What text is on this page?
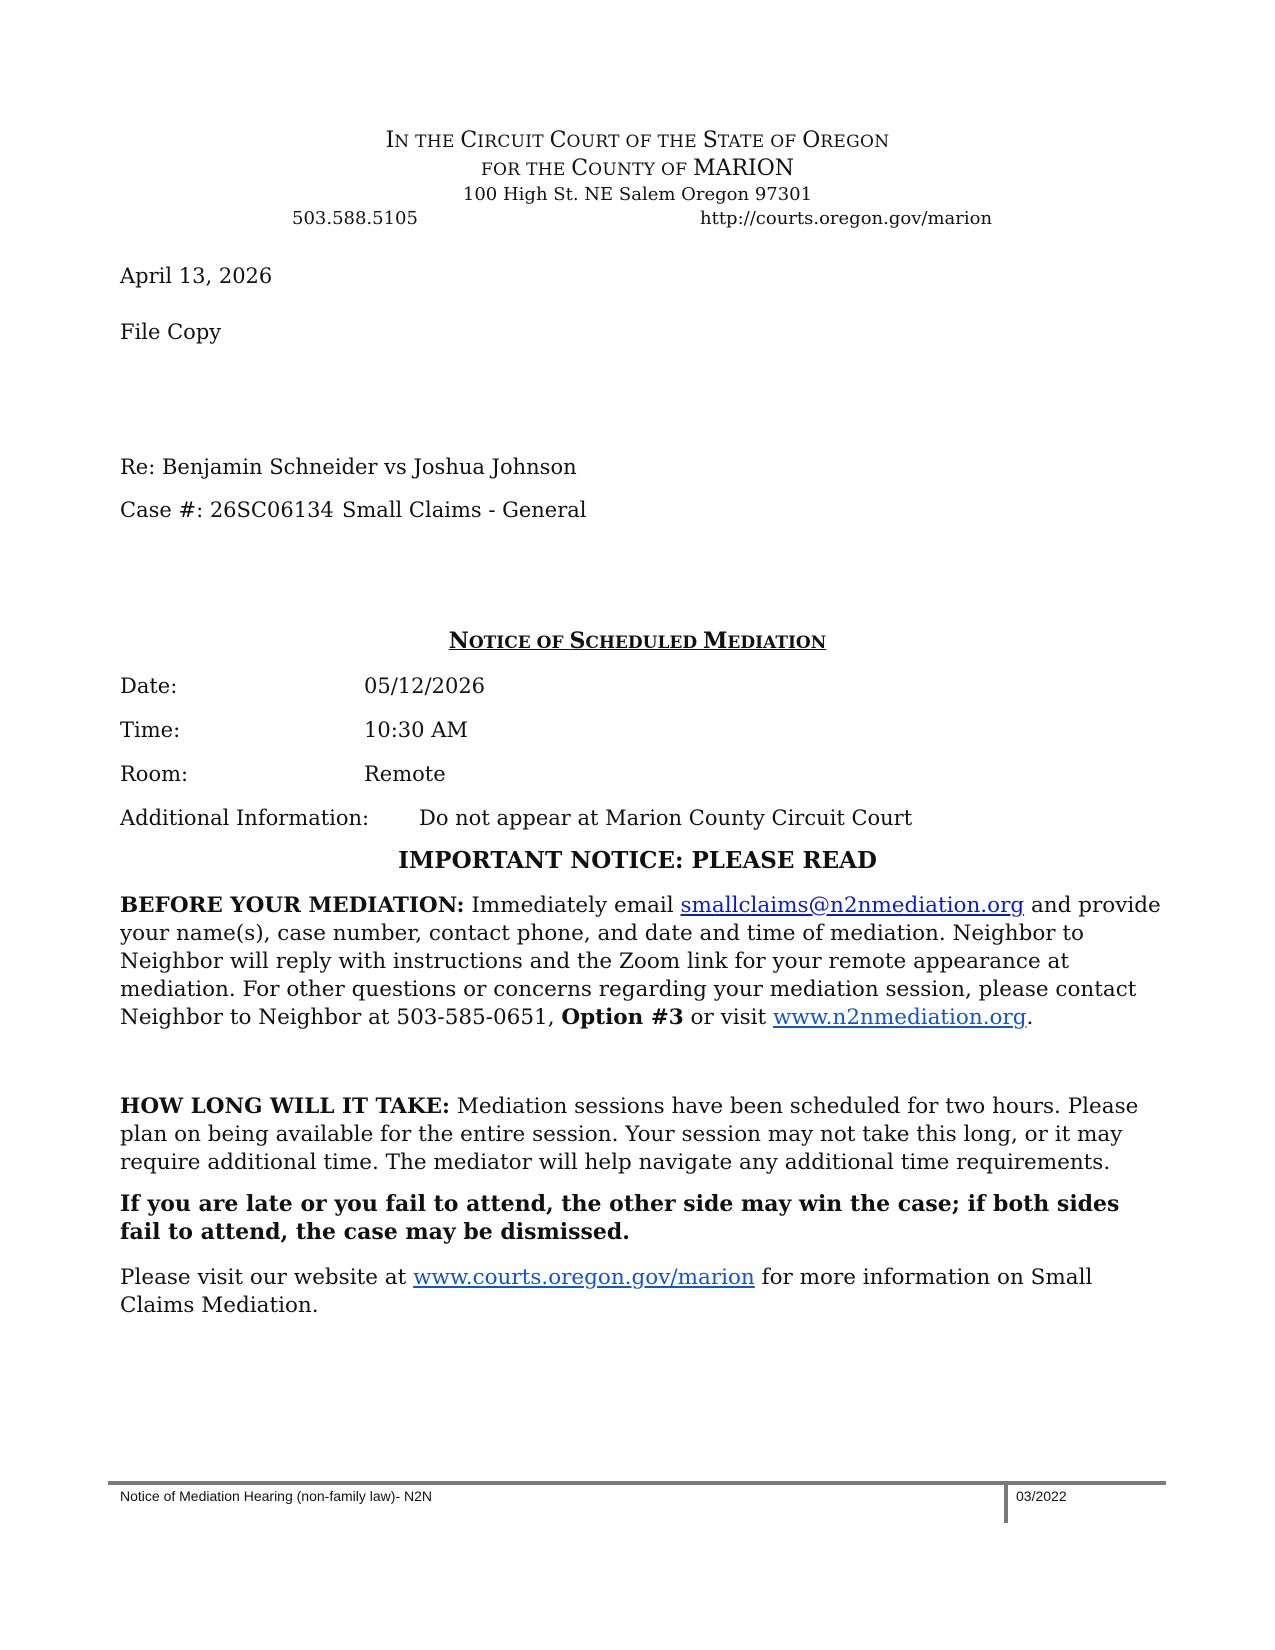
IN THE CIRCUIT COURT OF THE STATE OF OREGON
FOR THE COUNTY OF MARION
100 High St. NE Salem Oregon 97301
503.588.5105	http://courts.oregon.gov/marion
April 13, 2026
File Copy
Re: Benjamin Schneider vs Joshua Johnson
Case #: 26SC06134 Small Claims - General
NOTICE OF SCHEDULED MEDIATION
Date:	05/12/2026
Time:	10:30 AM
Room:	Remote
Additional Information: Do not appear at Marion County Circuit Court
IMPORTANT NOTICE: PLEASE READ
BEFORE YOUR MEDIATION: Immediately email smallclaims@n2nmediation.org and provide your name(s), case number, contact phone, and date and time of mediation. Neighbor to Neighbor will reply with instructions and the Zoom link for your remote appearance at mediation. For other questions or concerns regarding your mediation session, please contact Neighbor to Neighbor at 503-585-0651, Option #3 or visit www.n2nmediation.org.
HOW LONG WILL IT TAKE: Mediation sessions have been scheduled for two hours. Please plan on being available for the entire session. Your session may not take this long, or it may require additional time. The mediator will help navigate any additional time requirements.
If you are late or you fail to attend, the other side may win the case; if both sides fail to attend, the case may be dismissed.
Please visit our website at www.courts.oregon.gov/marion for more information on Small Claims Mediation.
Notice of Mediation Hearing (non-family law)- N2N	03/2022
